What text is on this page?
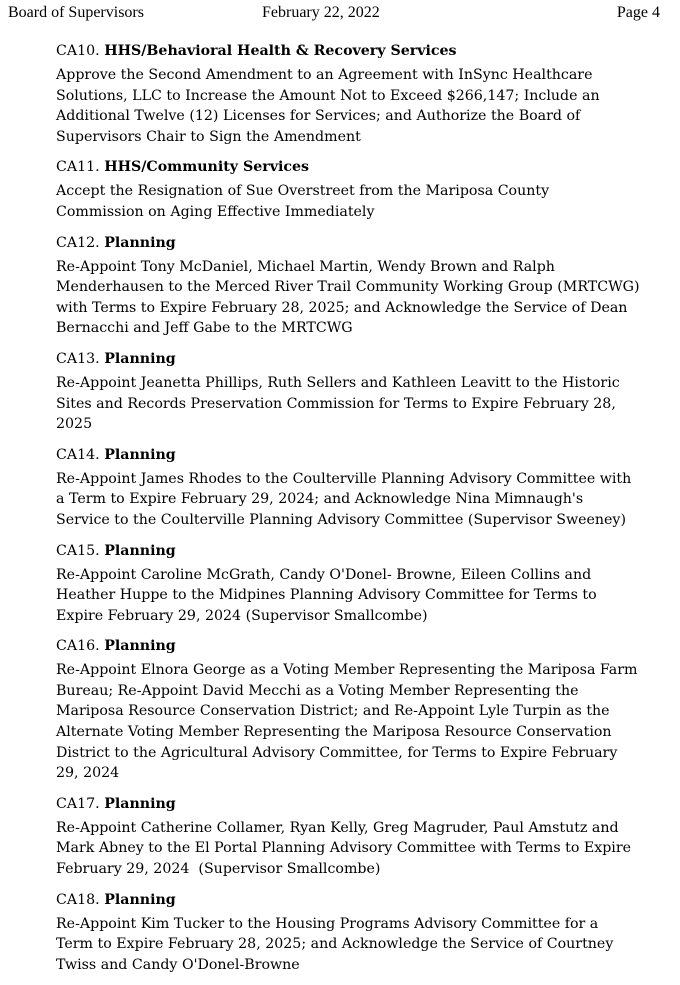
Board of Supervisors	February 22, 2022	Page 4
CA10. HHS/Behavioral Health & Recovery Services
Approve the Second Amendment to an Agreement with InSync Healthcare
Solutions, LLC to Increase the Amount Not to Exceed $266,147; Include an
Additional Twelve (12) Licenses for Services; and Authorize the Board of
Supervisors Chair to Sign the Amendment
CA11. HHS/Community Services
Accept the Resignation of Sue Overstreet from the Mariposa County
Commission on Aging Effective Immediately
CA12. Planning
Re-Appoint Tony McDaniel, Michael Martin, Wendy Brown and Ralph
Menderhausen to the Merced River Trail Community Working Group (MRTCWG)
with Terms to Expire February 28, 2025; and Acknowledge the Service of Dean
Bernacchi and Jeff Gabe to the MRTCWG
CA13. Planning
Re-Appoint Jeanetta Phillips, Ruth Sellers and Kathleen Leavitt to the Historic
Sites and Records Preservation Commission for Terms to Expire February 28,
2025
CA14. Planning
Re-Appoint James Rhodes to the Coulterville Planning Advisory Committee with
a Term to Expire February 29, 2024; and Acknowledge Nina Mimnaugh's
Service to the Coulterville Planning Advisory Committee (Supervisor Sweeney)
CA15. Planning
Re-Appoint Caroline McGrath, Candy O'Donel- Browne, Eileen Collins and
Heather Huppe to the Midpines Planning Advisory Committee for Terms to
Expire February 29, 2024 (Supervisor Smallcombe)
CA16. Planning
Re-Appoint Elnora George as a Voting Member Representing the Mariposa Farm
Bureau; Re-Appoint David Mecchi as a Voting Member Representing the
Mariposa Resource Conservation District; and Re-Appoint Lyle Turpin as the
Alternate Voting Member Representing the Mariposa Resource Conservation
District to the Agricultural Advisory Committee, for Terms to Expire February
29, 2024
CA17. Planning
Re-Appoint Catherine Collamer, Ryan Kelly, Greg Magruder, Paul Amstutz and
Mark Abney to the El Portal Planning Advisory Committee with Terms to Expire
February 29, 2024  (Supervisor Smallcombe)
CA18. Planning
Re-Appoint Kim Tucker to the Housing Programs Advisory Committee for a
Term to Expire February 28, 2025; and Acknowledge the Service of Courtney
Twiss and Candy O'Donel-Browne
